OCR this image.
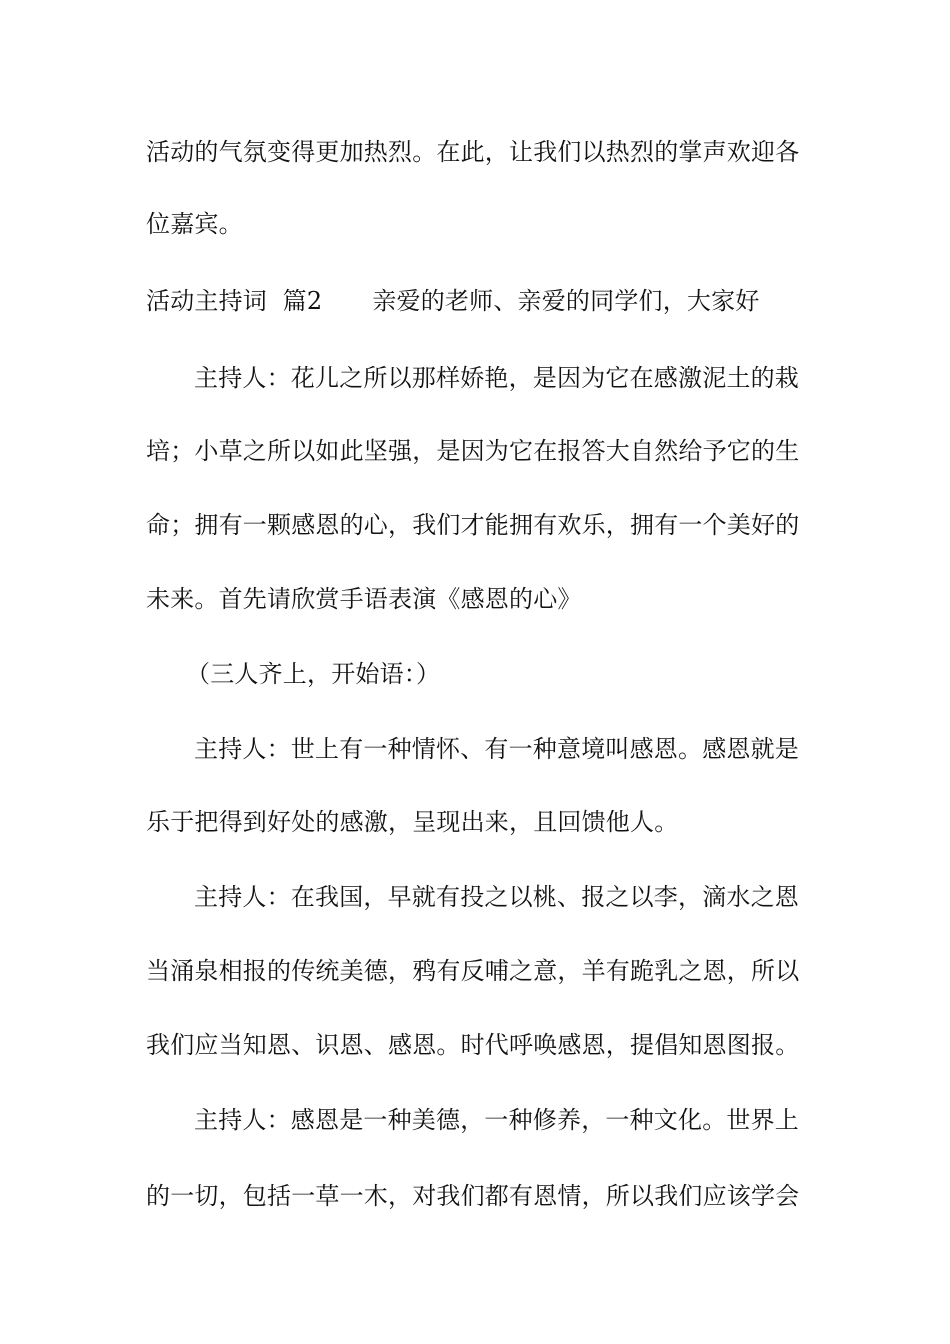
活动的气氛变得更加热烈。在此，让我们以热烈的掌声欢迎各
位嘉宾。
活动主持词  篇2 亲爱的老师、亲爱的同学们，大家好
主持人：花儿之所以那样娇艳，是因为它在感激泥土的栽
培；小草之所以如此坚强，是因为它在报答大自然给予它的生
命；拥有一颗感恩的心，我们才能拥有欢乐，拥有一个美好的
未来。首先请欣赏手语表演《感恩的心》
（三人齐上，开始语：）
主持人：世上有一种情怀、有一种意境叫感恩。感恩就是
乐于把得到好处的感激，呈现出来，且回馈他人。
主持人：在我国，早就有投之以桃、报之以李，滴水之恩
当涌泉相报的传统美德，鸦有反哺之意，羊有跪乳之恩，所以
我们应当知恩、识恩、感恩。时代呼唤感恩，提倡知恩图报。
主持人：感恩是一种美德，一种修养，一种文化。世界上
的一切，包括一草一木，对我们都有恩情，所以我们应该学会
